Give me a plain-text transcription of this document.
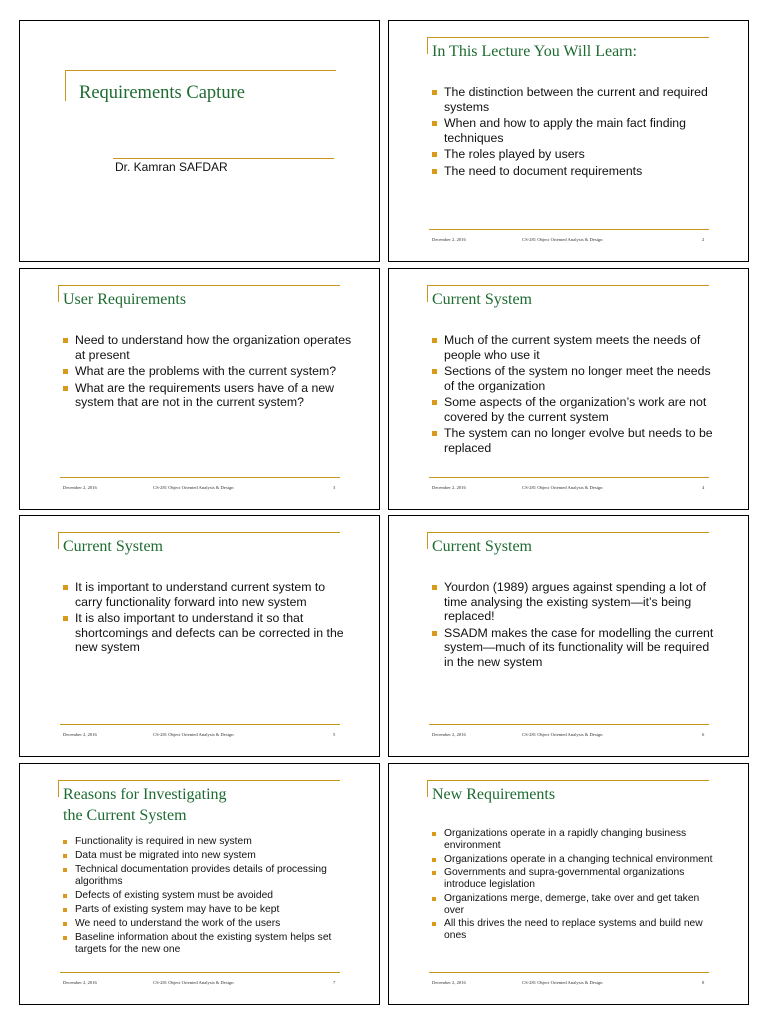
Requirements Capture
Dr. Kamran SAFDAR
In This Lecture You Will Learn:
The distinction between the current and required systems
When and how to apply the main fact finding techniques
The roles played by users
The need to document requirements
December 2, 2016	CS-281 Object Oriented Analysis & Design	2
User Requirements
Need to understand how the organization operates at present
What are the problems with the current system?
What are the requirements users have of a new system that are not in the current system?
December 2, 2016	CS-281 Object Oriented Analysis & Design	3
Current System
Much of the current system meets the needs of people who use it
Sections of the system no longer meet the needs of the organization
Some aspects of the organization’s work are not covered by the current system
The system can no longer evolve but needs to be replaced
December 2, 2016	CS-281 Object Oriented Analysis & Design	4
Current System
It is important to understand current system to carry functionality forward into new system
It is also important to understand it so that shortcomings and defects can be corrected in the new system
December 2, 2016	CS-281 Object Oriented Analysis & Design	5
Current System
Yourdon (1989) argues against spending a lot of time analysing the existing system—it’s being replaced!
SSADM makes the case for modelling the current system—much of its functionality will be required in the new system
December 2, 2016	CS-281 Object Oriented Analysis & Design	6
Reasons for Investigating
the Current System
Functionality is required in new system
Data must be migrated into new system
Technical documentation provides details of processing algorithms
Defects of existing system must be avoided
Parts of existing system may have to be kept
We need to understand the work of the users
Baseline information about the existing system helps set targets for the new one
December 2, 2016	CS-281 Object Oriented Analysis & Design	7
New Requirements
Organizations operate in a rapidly changing business environment
Organizations operate in a changing technical environment
Governments and supra-governmental organizations introduce legislation
Organizations merge, demerge, take over and get taken over
All this drives the need to replace systems and build new ones
December 2, 2016	CS-281 Object Oriented Analysis & Design	8
